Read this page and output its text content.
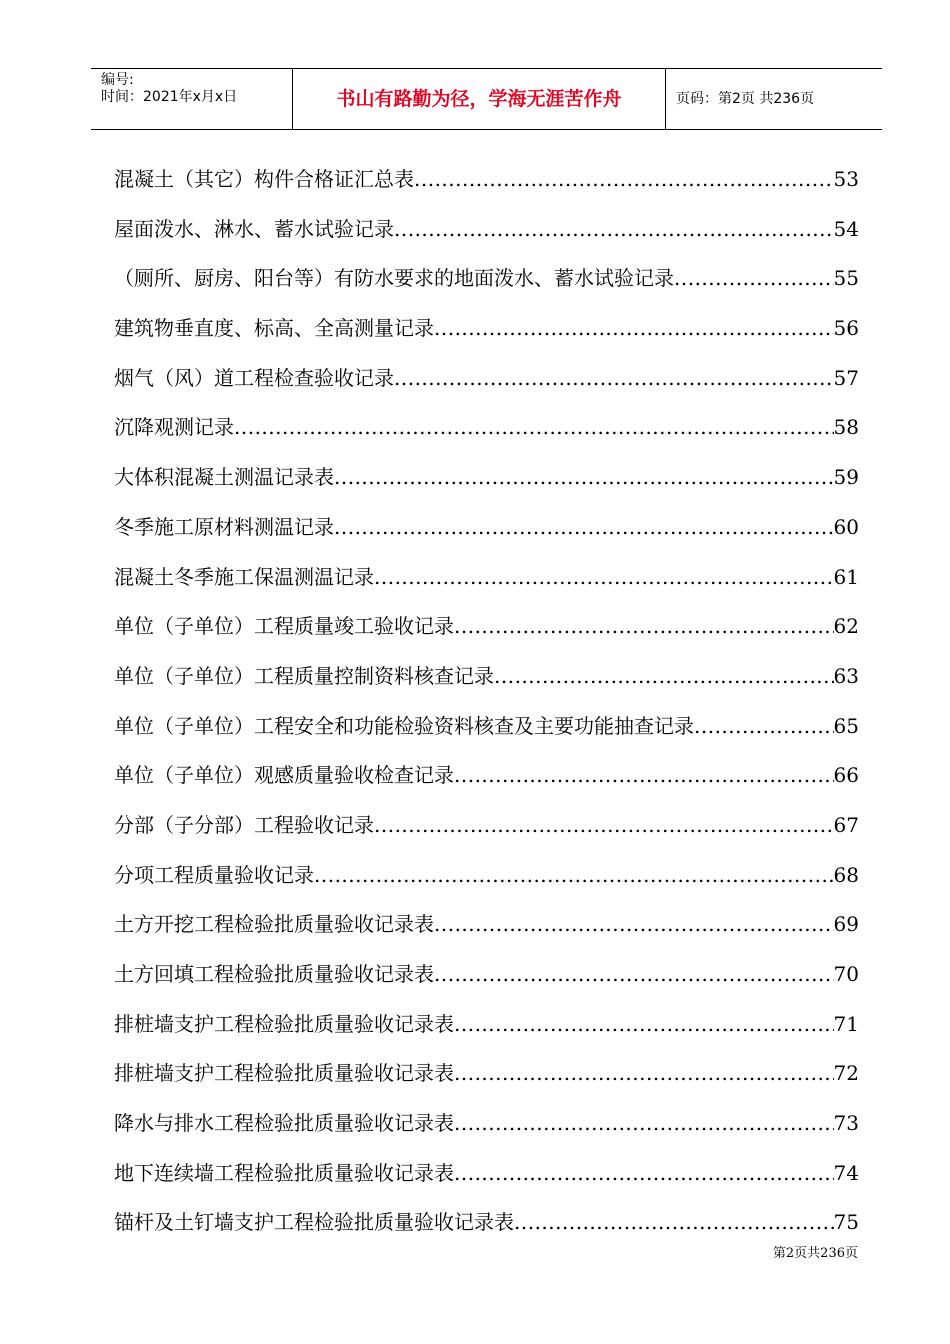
编号:
时间：2021年x月x日	书山有路勤为径，学海无涯苦作舟	页码：第2页 共236页
混凝土（其它）构件合格证汇总表 .....	53
屋面泼水、淋水、蓄水试验记录 .....	54
（厕所、厨房、阳台等）有防水要求的地面泼水、蓄水试验记录 .....	55
建筑物垂直度、标高、全高测量记录 .....	56
烟气（风）道工程检查验收记录 .....	57
沉降观测记录 .....	58
大体积混凝土测温记录表 .....	59
冬季施工原材料测温记录 .....	60
混凝土冬季施工保温测温记录 .....	61
单位（子单位）工程质量竣工验收记录 .....	62
单位（子单位）工程质量控制资料核查记录 .....	63
单位（子单位）工程安全和功能检验资料核查及主要功能抽查记录 .....	65
单位（子单位）观感质量验收检查记录 .....	66
分部（子分部）工程验收记录 .....	67
分项工程质量验收记录 .....	68
土方开挖工程检验批质量验收记录表 .....	69
土方回填工程检验批质量验收记录表 .....	70
排桩墙支护工程检验批质量验收记录表 .....	71
排桩墙支护工程检验批质量验收记录表 .....	72
降水与排水工程检验批质量验收记录表 .....	73
地下连续墙工程检验批质量验收记录表 .....	74
锚杆及土钉墙支护工程检验批质量验收记录表 .....	75
第2页共236页
